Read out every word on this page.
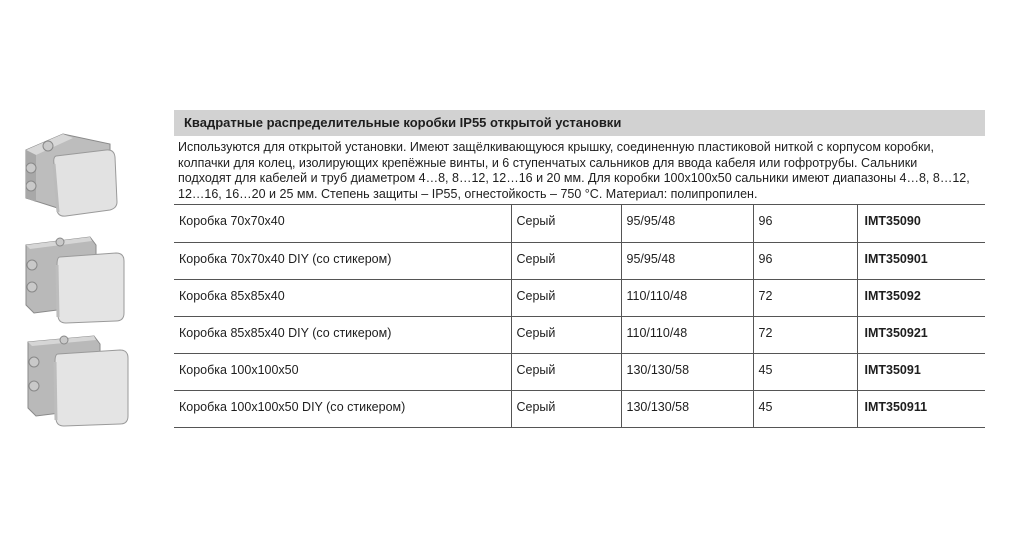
Квадратные распределительные коробки IP55 открытой установки
Используются для открытой установки. Имеют защёлкивающуюся крышку, соединенную пластиковой ниткой с корпусом коробки,
колпачки для колец, изолирующих крепёжные винты, и 6 ступенчатых сальников для ввода кабеля или гофротрубы. Сальники
подходят для кабелей и труб диаметром 4…8, 8…12, 12…16 и 20 мм. Для коробки 100х100х50 сальники имеют диапазоны 4…8, 8…12,
12…16, 16…20 и 25 мм. Степень защиты – IP55, огнестойкость – 750 °С. Материал: полипропилен.
Коробка 70х70х40	Серый	95/95/48	96	IMT35090
Коробка 70х70х40 DIY (со стикером)	Серый	95/95/48	96	IMT350901
Коробка 85х85х40	Серый	110/110/48	72	IMT35092
Коробка 85х85х40 DIY (со стикером)	Серый	110/110/48	72	IMT350921
Коробка 100х100х50	Серый	130/130/58	45	IMT35091
Коробка 100х100х50 DIY (со стикером)	Серый	130/130/58	45	IMT350911
